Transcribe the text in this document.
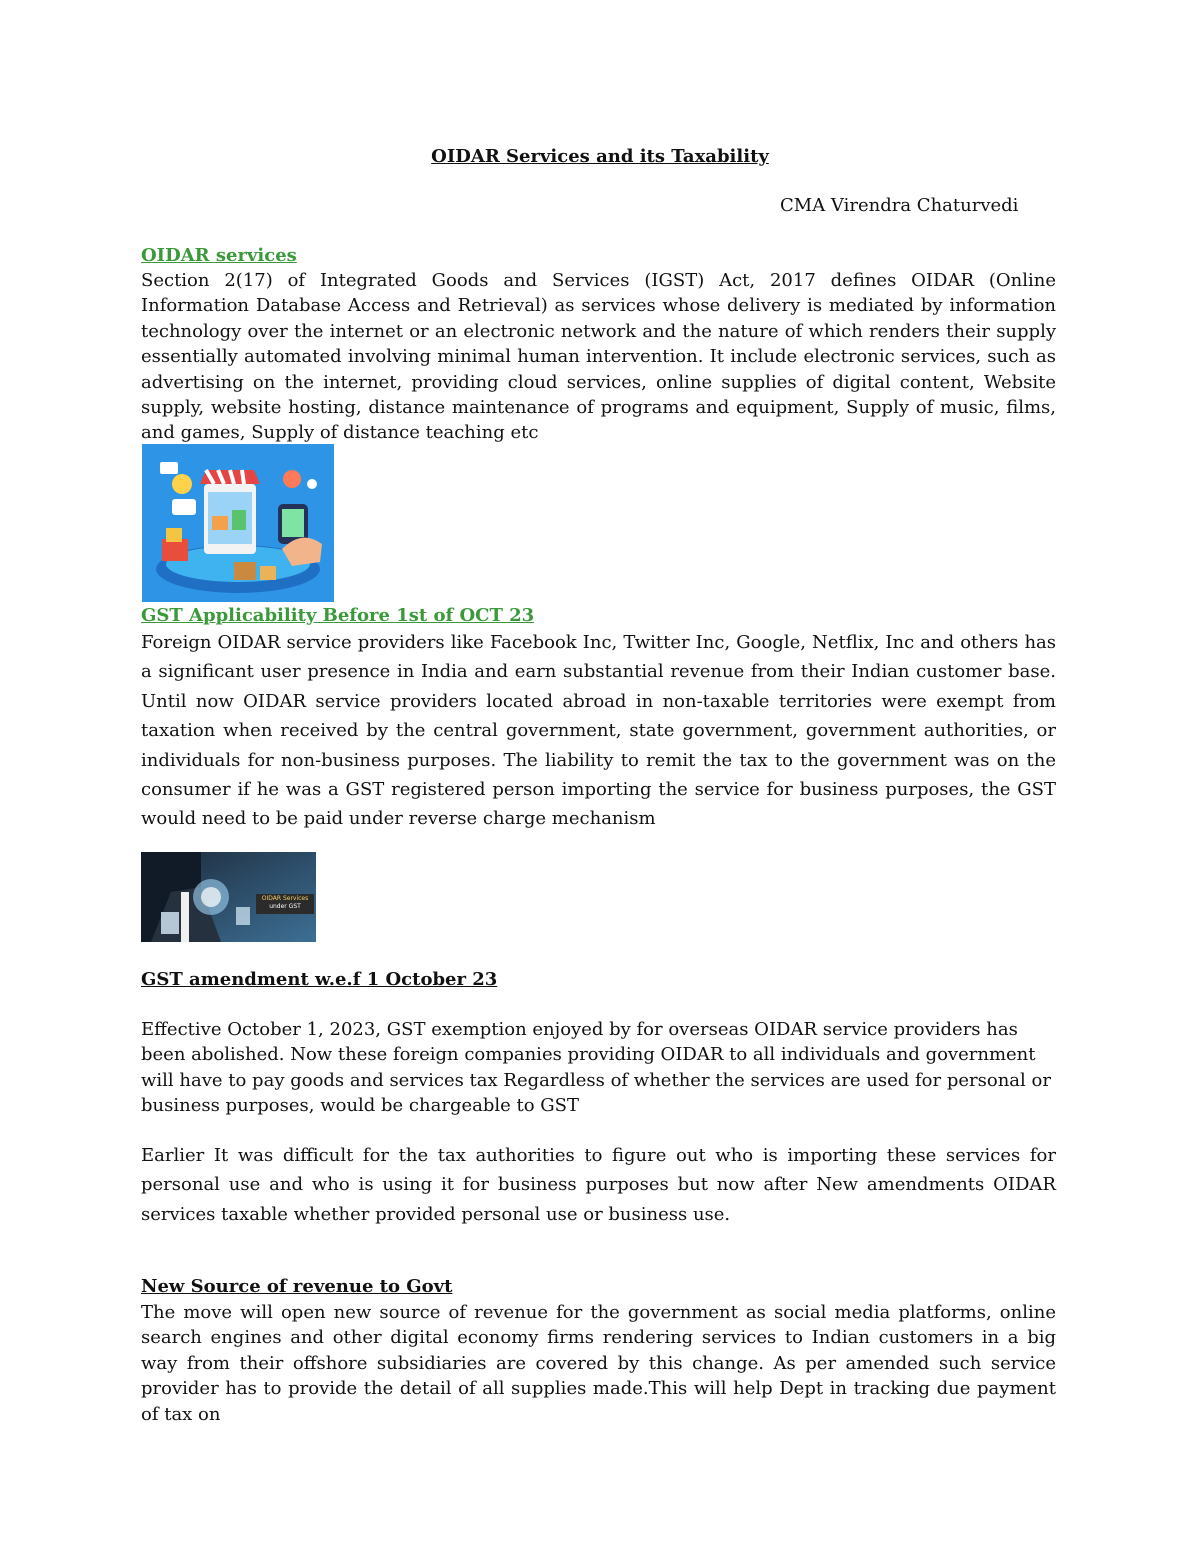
OIDAR Services and its Taxability
CMA Virendra Chaturvedi
OIDAR services

Section 2(17) of Integrated Goods and Services (IGST) Act, 2017 defines OIDAR (Online Information Database Access and Retrieval) as services whose delivery is mediated by information technology over the internet or an electronic network and the nature of which renders their supply essentially automated involving minimal human intervention. It include electronic services, such as advertising on the internet, providing cloud services, online supplies of digital content, Website supply, website hosting, distance maintenance of programs and equipment, Supply of music, films, and games, Supply of distance teaching etc

GST Applicability Before 1st of OCT 23

Foreign OIDAR service providers like Facebook Inc, Twitter Inc, Google, Netflix, Inc and others has a significant user presence in India and earn substantial revenue from their Indian customer base. Until now OIDAR service providers located abroad in non-taxable territories were exempt from taxation when received by the central government, state government, government authorities, or individuals for non-business purposes. The liability to remit the tax to the government was on the consumer if he was a GST registered person importing the service for business purposes, the GST would need to be paid under reverse charge mechanism

OIDAR Services
under GST
GST amendment w.e.f 1 October 23

Effective October 1, 2023, GST exemption enjoyed by for overseas OIDAR service providers has been abolished. Now these foreign companies providing OIDAR to all individuals and government will have to pay goods and services tax Regardless of whether the services are used for personal or business purposes, would be chargeable to GST

Earlier It was difficult for the tax authorities to figure out who is importing these services for personal use and who is using it for business purposes but now after New amendments OIDAR services taxable whether provided personal use or business use.

New Source of revenue to Govt

The move will open new source of revenue for the government as social media platforms, online search engines and other digital economy firms rendering services to Indian customers in a big way from their offshore subsidiaries are covered by this change. As per amended such service provider has to provide the detail of all supplies made.This will help Dept in tracking due payment of tax on
